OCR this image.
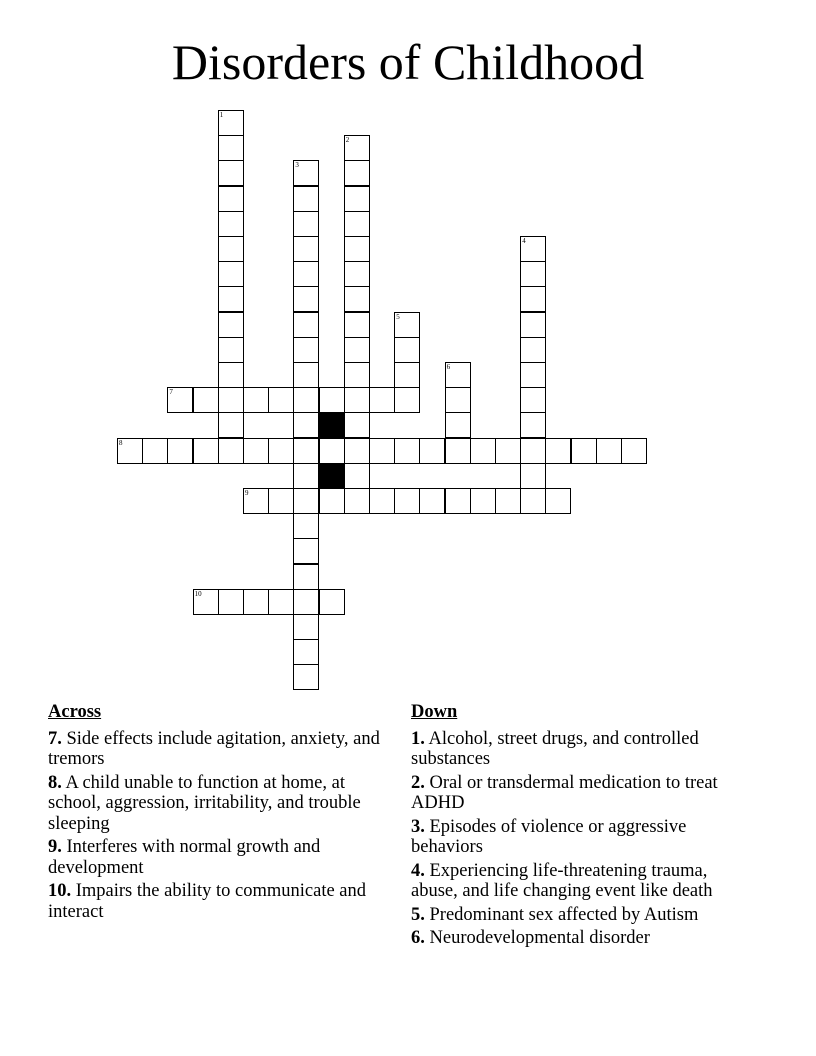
Disorders of Childhood
1
2
3
4
5
6
7
8
9
10
Across
7. Side effects include agitation, anxiety, and tremors
8. A child unable to function at home, at school, aggression, irritability, and trouble sleeping
9. Interferes with normal growth and development
10. Impairs the ability to communicate and interact
Down
1. Alcohol, street drugs, and controlled substances
2. Oral or transdermal medication to treat ADHD
3. Episodes of violence or aggressive behaviors
4. Experiencing life-threatening trauma, abuse, and life changing event like death
5. Predominant sex affected by Autism
6. Neurodevelopmental disorder
